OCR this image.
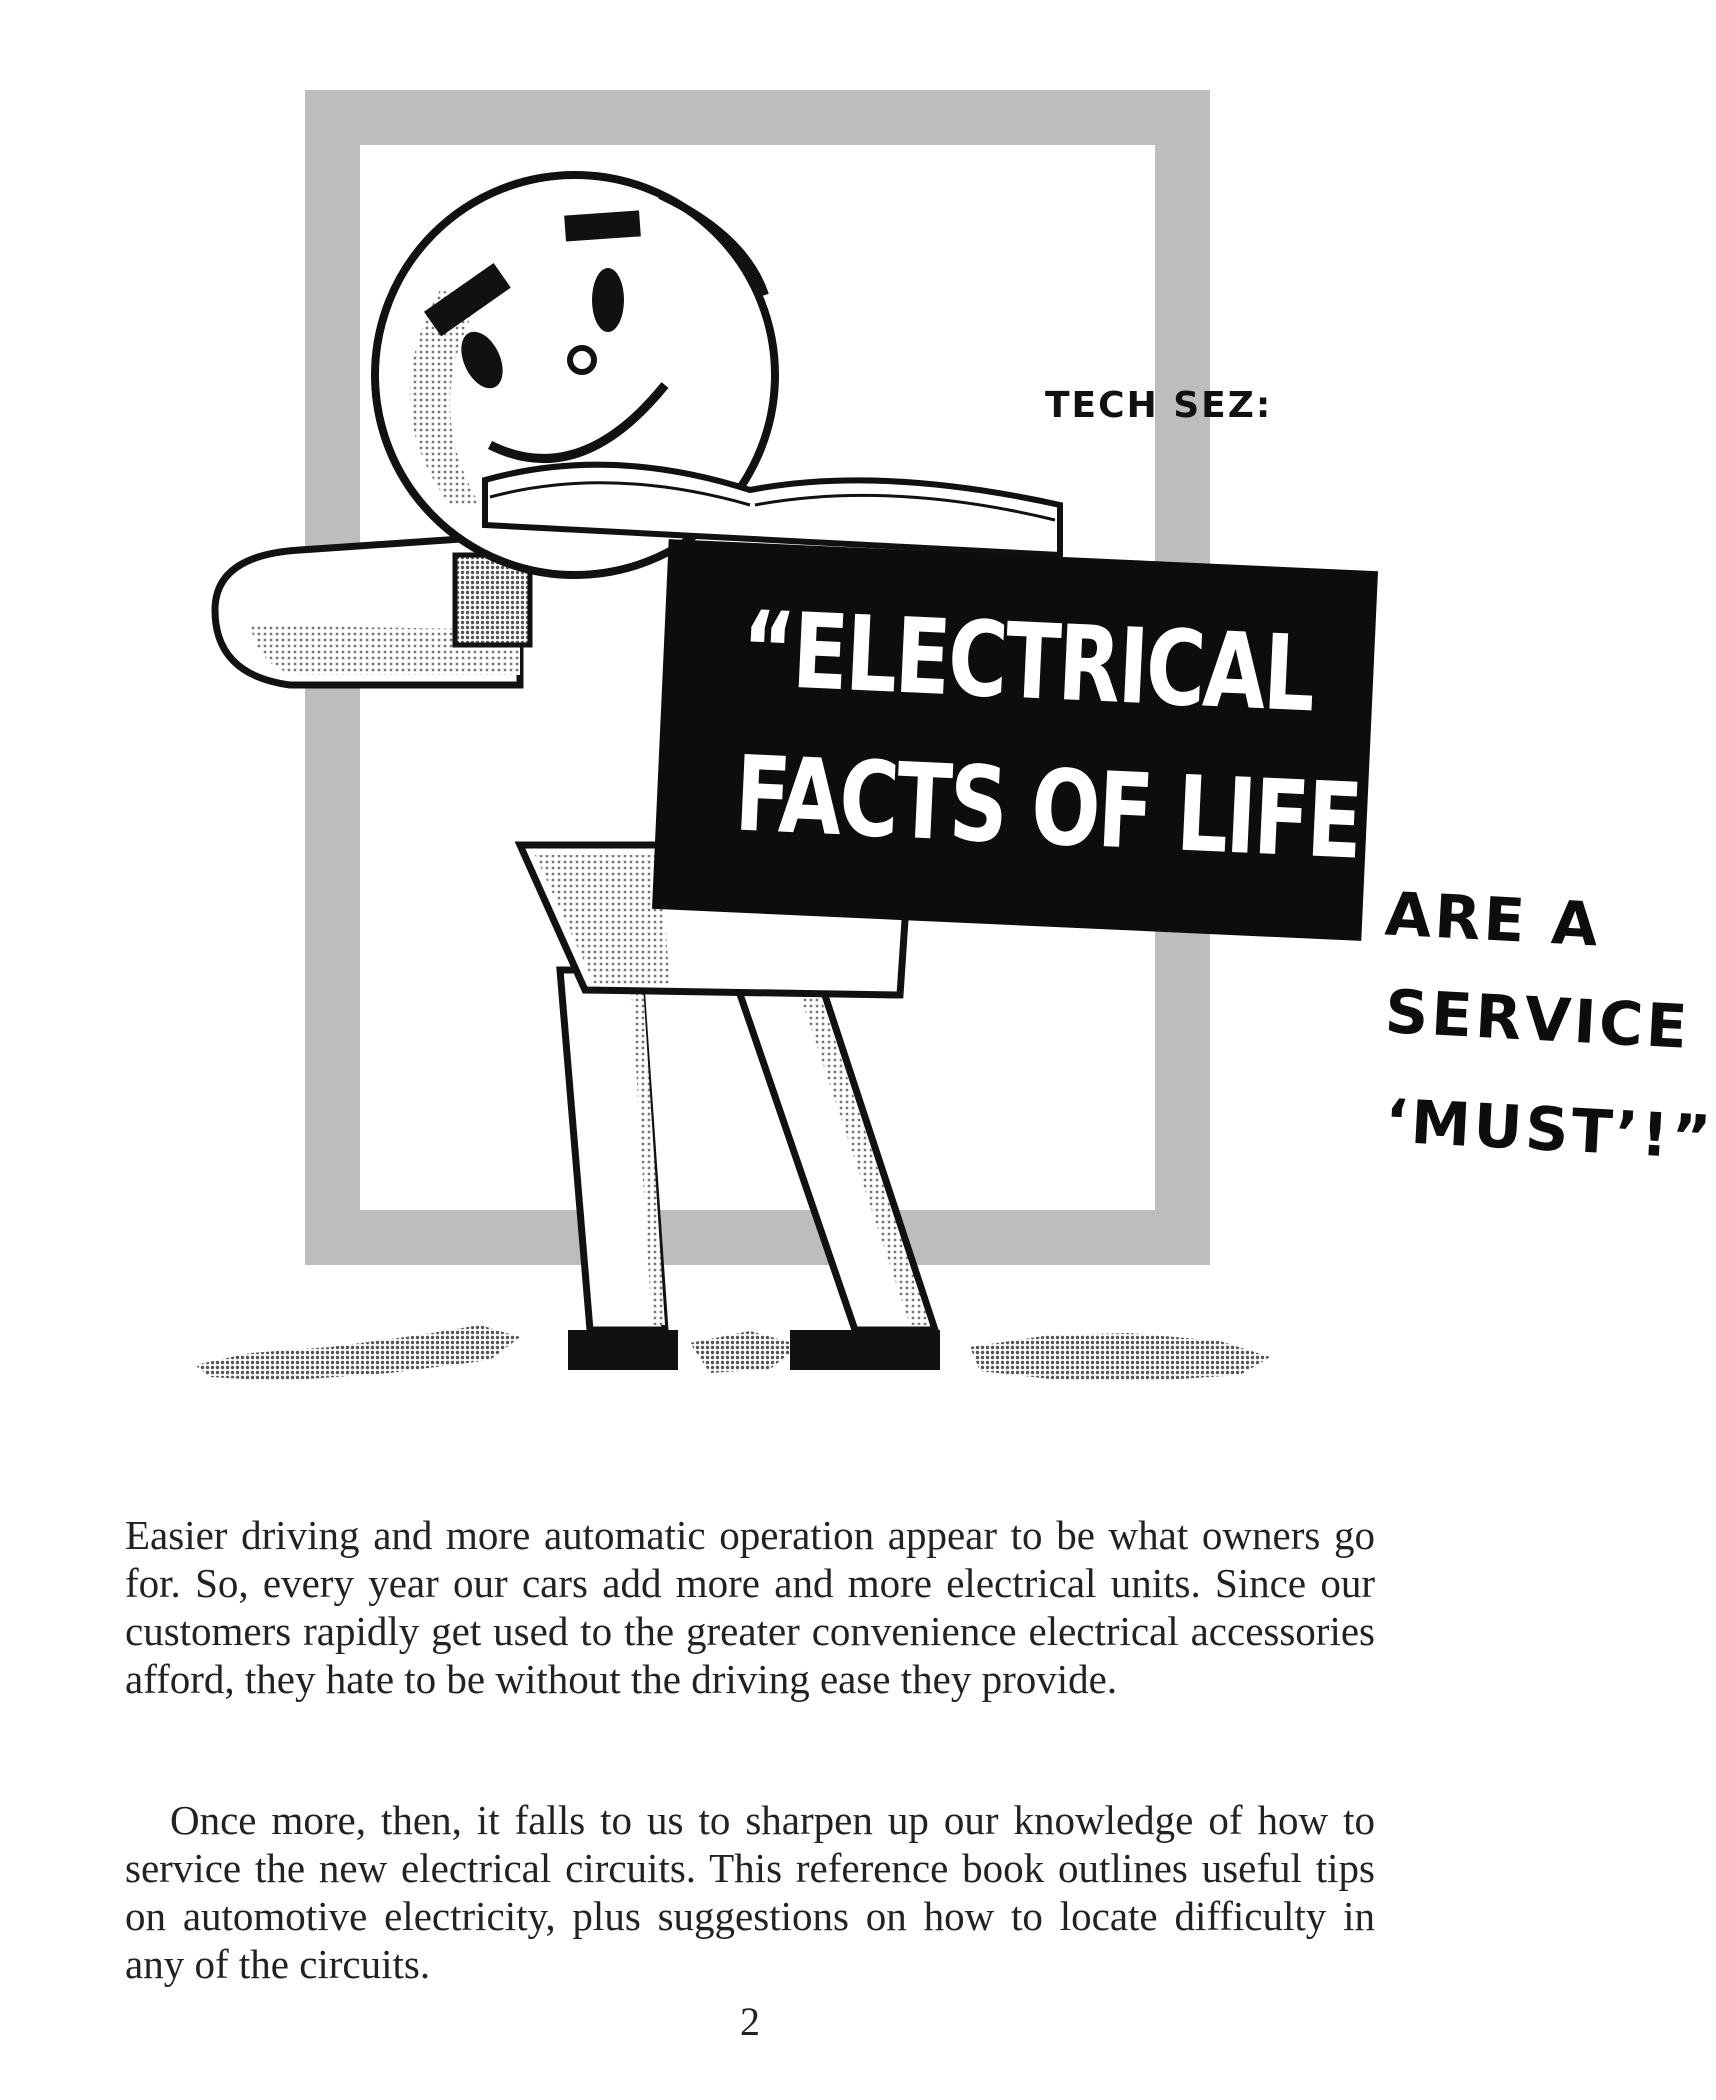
TECH SEZ:
“ELECTRICAL
FACTS OF LIFE
ARE A
SERVICE
‘MUST’!”

Easier driving and more automatic operation appear to be what owners go for. So, every year our cars add more and more electrical units. Since our customers rapidly get used to the greater convenience electrical accessories afford, they hate to be without the driving ease they provide.

Once more, then, it falls to us to sharpen up our knowledge of how to service the new electrical circuits. This reference book outlines useful tips on automotive electricity, plus suggestions on how to locate difficulty in any of the circuits.

2
